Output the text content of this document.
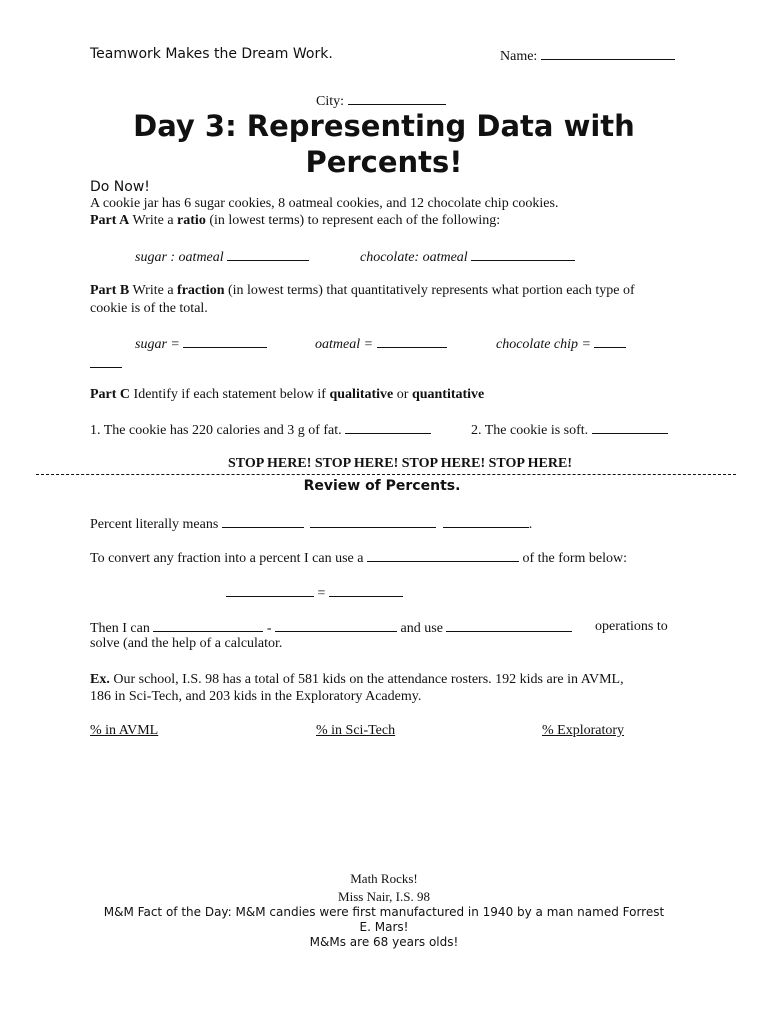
Teamwork Makes the Dream Work.	Name:
City:
Day 3: Representing Data with
Percents!
Do Now!
A cookie jar has 6 sugar cookies, 8 oatmeal cookies, and 12 chocolate chip cookies.
Part A Write a ratio (in lowest terms) to represent each of the following:
sugar : oatmeal	chocolate: oatmeal
Part B Write a fraction (in lowest terms) that quantitatively represents what portion each type of
cookie is of the total.
sugar =	oatmeal =	chocolate chip =
Part C Identify if each statement below if qualitative or quantitative
1. The cookie has 220 calories and 3 g of fat.	2. The cookie is soft.
STOP HERE! STOP HERE! STOP HERE! STOP HERE!
Review of Percents.
Percent literally means	.
To convert any fraction into a percent I can use a	of the form below:
=
Then I can	-	and use	operations to
solve (and the help of a calculator.
Ex. Our school, I.S. 98 has a total of 581 kids on the attendance rosters. 192 kids are in AVML,
186 in Sci-Tech, and 203 kids in the Exploratory Academy.
% in AVML	% in Sci-Tech	% Exploratory
Math Rocks!
Miss Nair, I.S. 98
M&M Fact of the Day: M&M candies were first manufactured in 1940 by a man named Forrest
E. Mars!
M&Ms are 68 years olds!
